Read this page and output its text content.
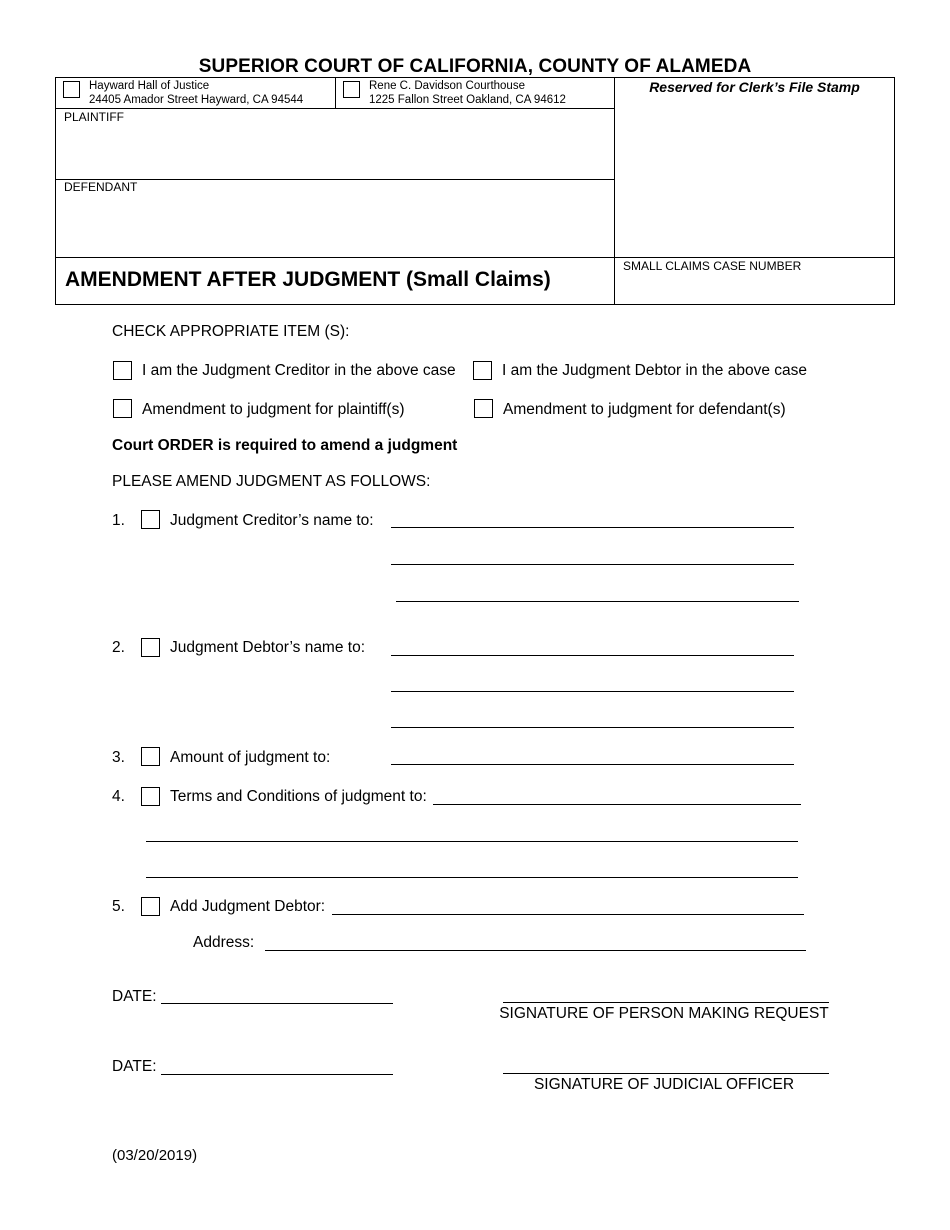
SUPERIOR COURT OF CALIFORNIA, COUNTY OF ALAMEDA
Hayward Hall of Justice
24405 Amador Street Hayward, CA 94544
Rene C. Davidson Courthouse
1225 Fallon Street Oakland, CA 94612
PLAINTIFF
DEFENDANT
AMENDMENT AFTER JUDGMENT (Small Claims)
Reserved for Clerk’s File Stamp
SMALL CLAIMS CASE NUMBER
CHECK APPROPRIATE ITEM (S):
I am the Judgment Creditor in the above case	I am the Judgment Debtor in the above case
Amendment to judgment for plaintiff(s)	Amendment to judgment for defendant(s)
Court ORDER is required to amend a judgment
PLEASE AMEND JUDGMENT AS FOLLOWS:
1.	Judgment Creditor’s name to:
2.	Judgment Debtor’s name to:
3.	Amount of judgment to:
4.	Terms and Conditions of judgment to:
5.	Add Judgment Debtor:
Address:
DATE:
SIGNATURE OF PERSON MAKING REQUEST
DATE:
SIGNATURE OF JUDICIAL OFFICER
(03/20/2019)
